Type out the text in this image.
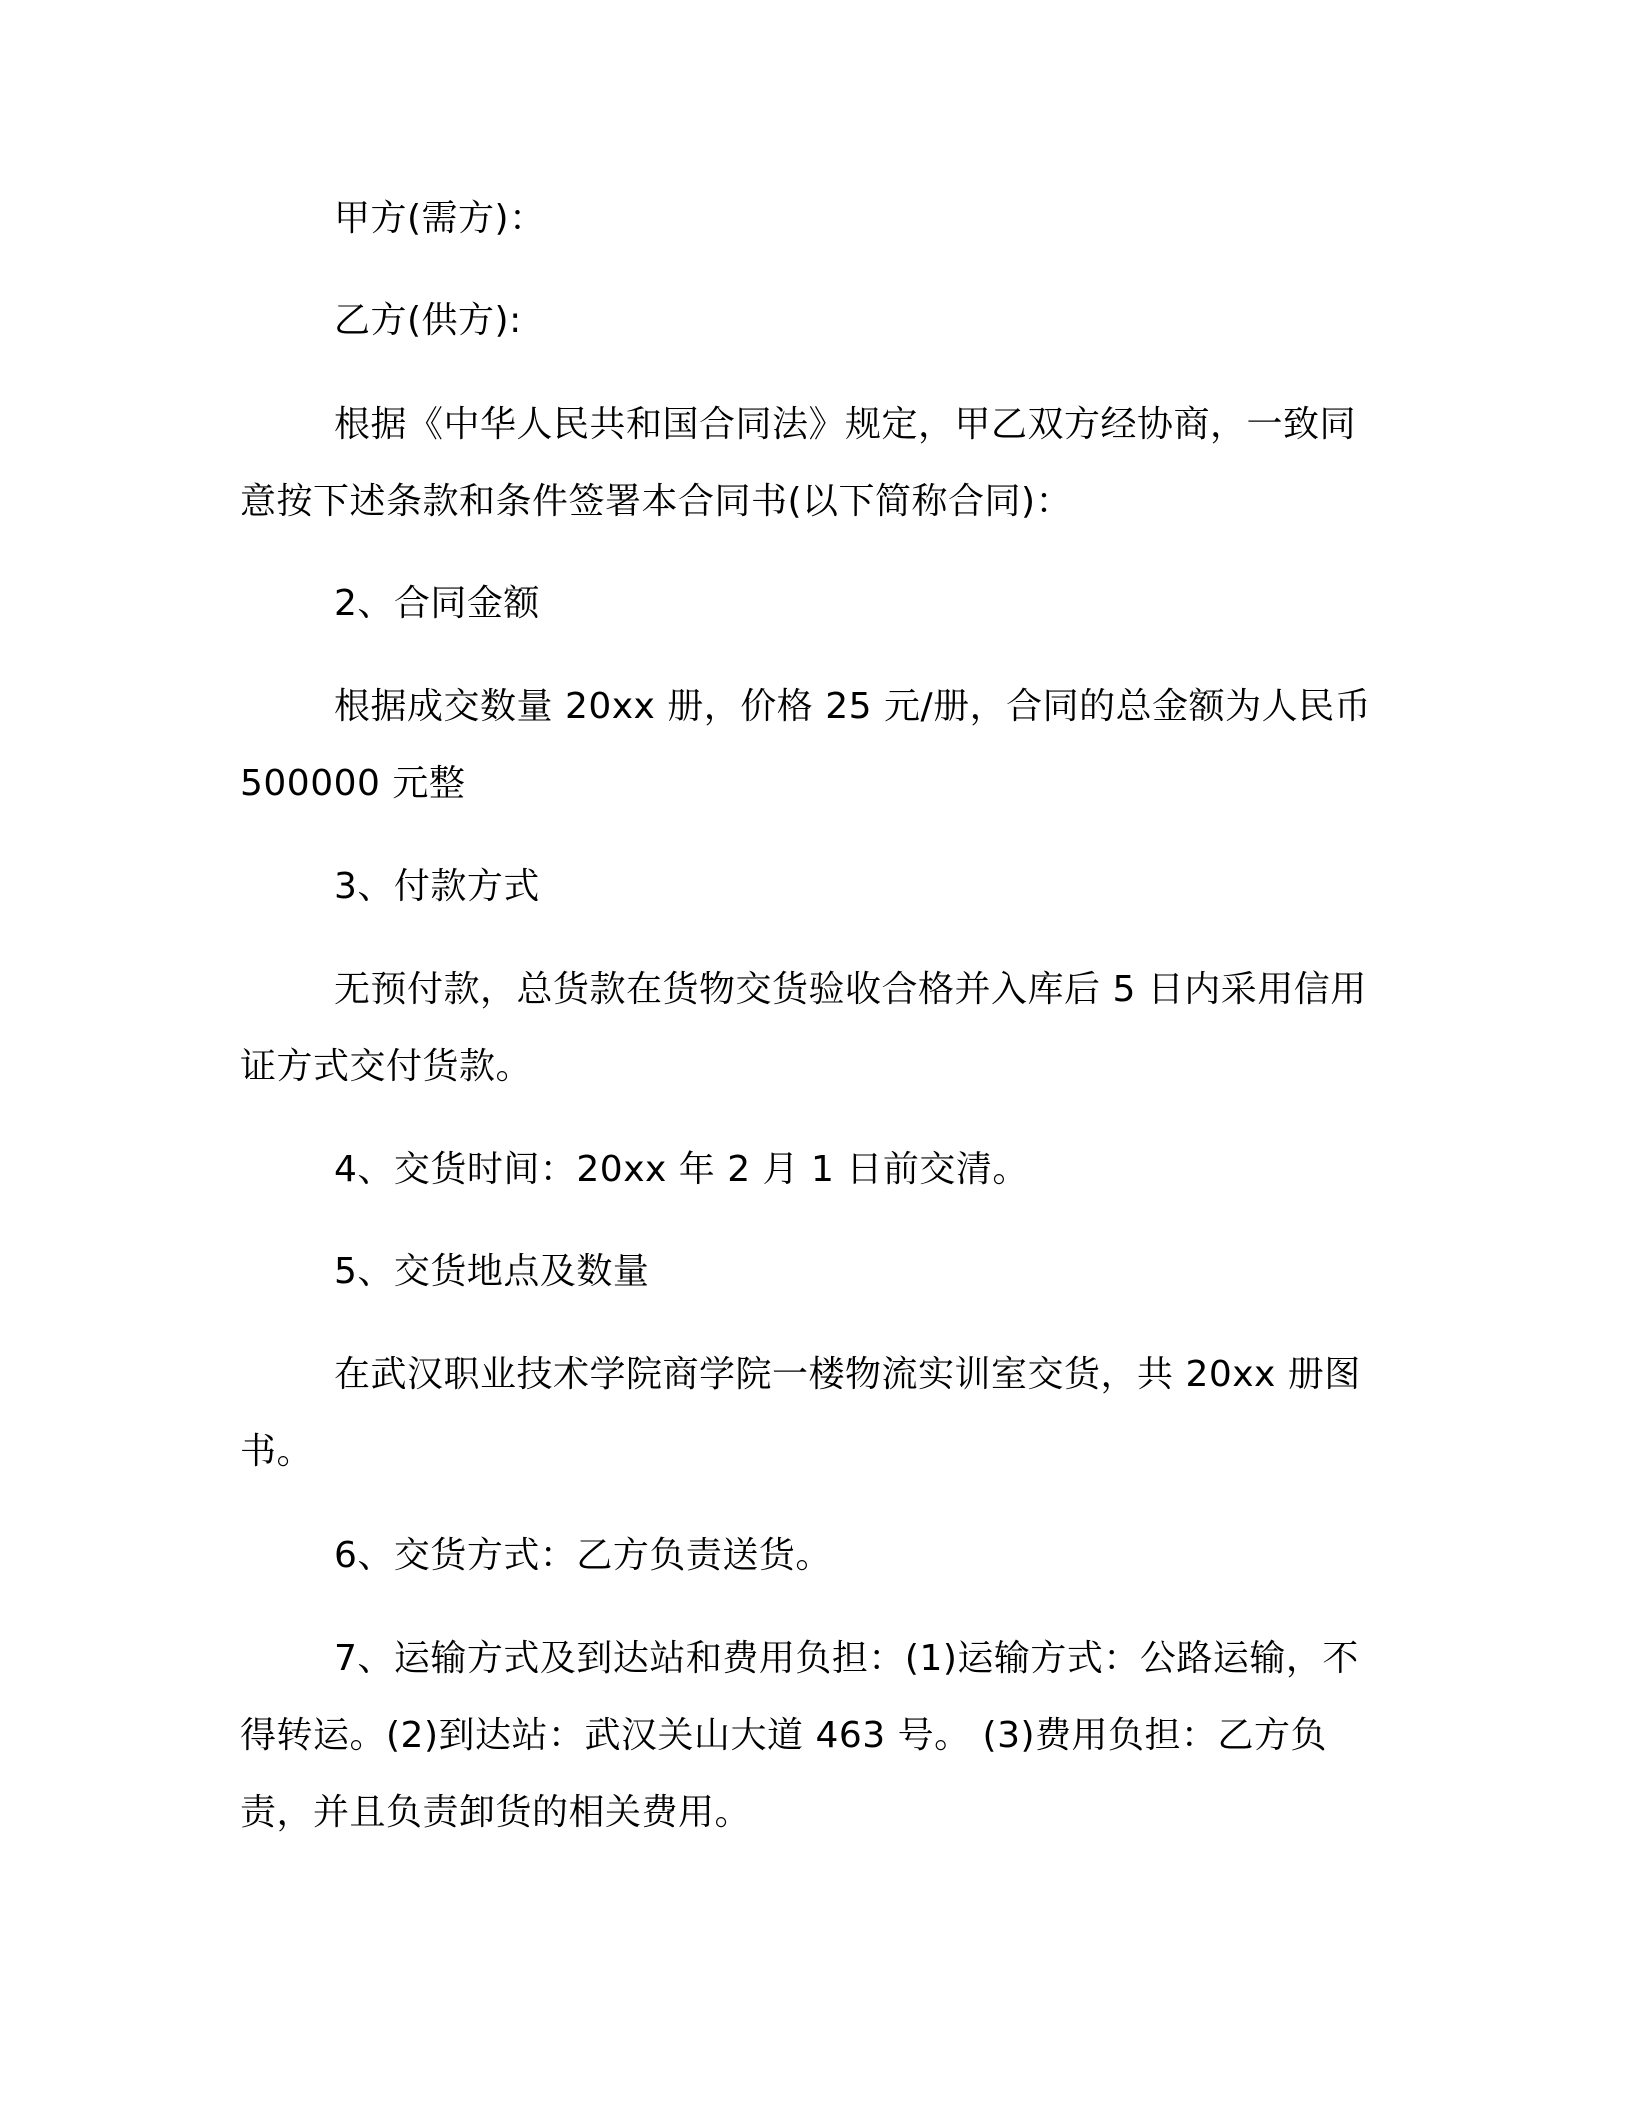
甲方(需方)：

乙方(供方):

根据《中华人民共和国合同法》规定，甲乙双方经协商，一致同意按下述条款和条件签署本合同书(以下简称合同)：

2、合同金额

根据成交数量 20xx 册，价格 25 元/册，合同的总金额为人民币 500000 元整

3、付款方式

无预付款，总货款在货物交货验收合格并入库后 5 日内采用信用证方式交付货款。

4、交货时间：20xx 年 2 月 1 日前交清。

5、交货地点及数量

在武汉职业技术学院商学院一楼物流实训室交货，共 20xx 册图书。

6、交货方式：乙方负责送货。

7、运输方式及到达站和费用负担：(1)运输方式：公路运输，不得转运。(2)到达站：武汉关山大道 463 号。 (3)费用负担：乙方负责，并且负责卸货的相关费用。
